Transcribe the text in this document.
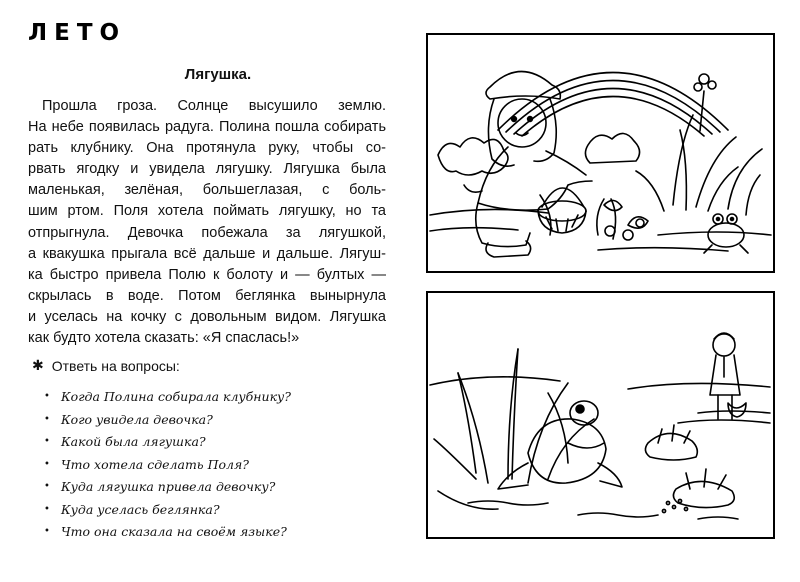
ЛЕТО
Лягушка.

Прошла гроза. Солнце высушило землю.
На небе появилась радуга. Полина пошла собирать
рать клубнику. Она протянула руку, чтобы со-
рвать ягодку и увидела лягушку. Лягушка была
маленькая, зелёная, большеглазая, с боль-
шим ртом. Поля хотела поймать лягушку, но та
отпрыгнула. Девочка побежала за лягушкой,
а квакушка прыгала всё дальше и дальше. Лягуш-
ка быстро привела Полю к болоту и — бултых —
скрылась в воде. Потом беглянка вынырнула
и уселась на кочку с довольным видом. Лягушка
как будто хотела сказать: «Я спаслась!»

✱ Ответь на вопросы:
• Когда Полина собирала клубнику?
• Кого увидела девочка?
• Какой была лягушка?
• Что хотела сделать Поля?
• Куда лягушка привела девочку?
• Куда уселась беглянка?
• Что она сказала на своём языке?
